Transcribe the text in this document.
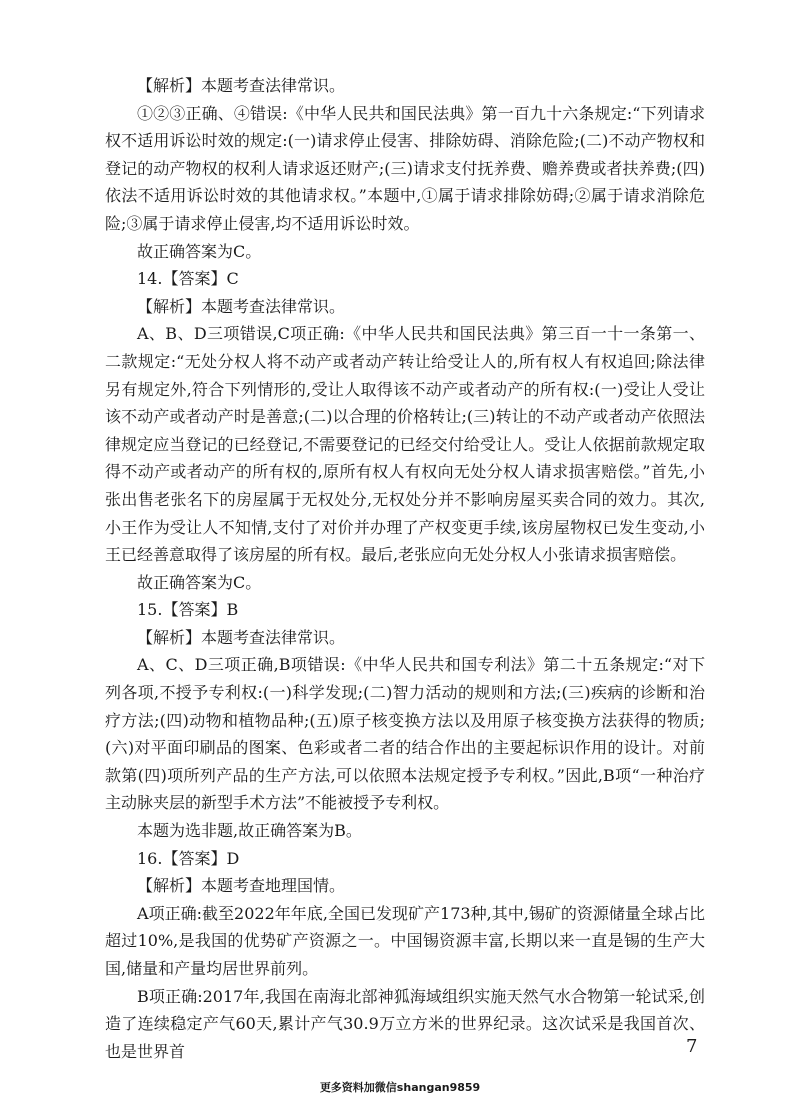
【解析】本题考查法律常识。

①②③正确、④错误:《中华人民共和国民法典》第一百九十六条规定:“下列请求权不适用诉讼时效的规定:(一)请求停止侵害、排除妨碍、消除危险;(二)不动产物权和登记的动产物权的权利人请求返还财产;(三)请求支付抚养费、赡养费或者扶养费;(四)依法不适用诉讼时效的其他请求权。”本题中,①属于请求排除妨碍;②属于请求消除危险;③属于请求停止侵害,均不适用诉讼时效。

故正确答案为C。

14.【答案】C

【解析】本题考查法律常识。

A、B、D三项错误,C项正确:《中华人民共和国民法典》第三百一十一条第一、二款规定:“无处分权人将不动产或者动产转让给受让人的,所有权人有权追回;除法律另有规定外,符合下列情形的,受让人取得该不动产或者动产的所有权:(一)受让人受让该不动产或者动产时是善意;(二)以合理的价格转让;(三)转让的不动产或者动产依照法律规定应当登记的已经登记,不需要登记的已经交付给受让人。受让人依据前款规定取得不动产或者动产的所有权的,原所有权人有权向无处分权人请求损害赔偿。”首先,小张出售老张名下的房屋属于无权处分,无权处分并不影响房屋买卖合同的效力。其次,小王作为受让人不知情,支付了对价并办理了产权变更手续,该房屋物权已发生变动,小王已经善意取得了该房屋的所有权。最后,老张应向无处分权人小张请求损害赔偿。

故正确答案为C。

15.【答案】B

【解析】本题考查法律常识。

A、C、D三项正确,B项错误:《中华人民共和国专利法》第二十五条规定:“对下列各项,不授予专利权:(一)科学发现;(二)智力活动的规则和方法;(三)疾病的诊断和治疗方法;(四)动物和植物品种;(五)原子核变换方法以及用原子核变换方法获得的物质;(六)对平面印刷品的图案、色彩或者二者的结合作出的主要起标识作用的设计。对前款第(四)项所列产品的生产方法,可以依照本法规定授予专利权。”因此,B项“一种治疗主动脉夹层的新型手术方法”不能被授予专利权。

本题为选非题,故正确答案为B。

16.【答案】D

【解析】本题考查地理国情。

A项正确:截至2022年年底,全国已发现矿产173种,其中,锡矿的资源储量全球占比超过10%,是我国的优势矿产资源之一。中国锡资源丰富,长期以来一直是锡的生产大国,储量和产量均居世界前列。

B项正确:2017年,我国在南海北部神狐海域组织实施天然气水合物第一轮试采,创造了连续稳定产气60天,累计产气30.9万立方米的世界纪录。这次试采是我国首次、也是世界首	7
更多资料加微信shangan9859
